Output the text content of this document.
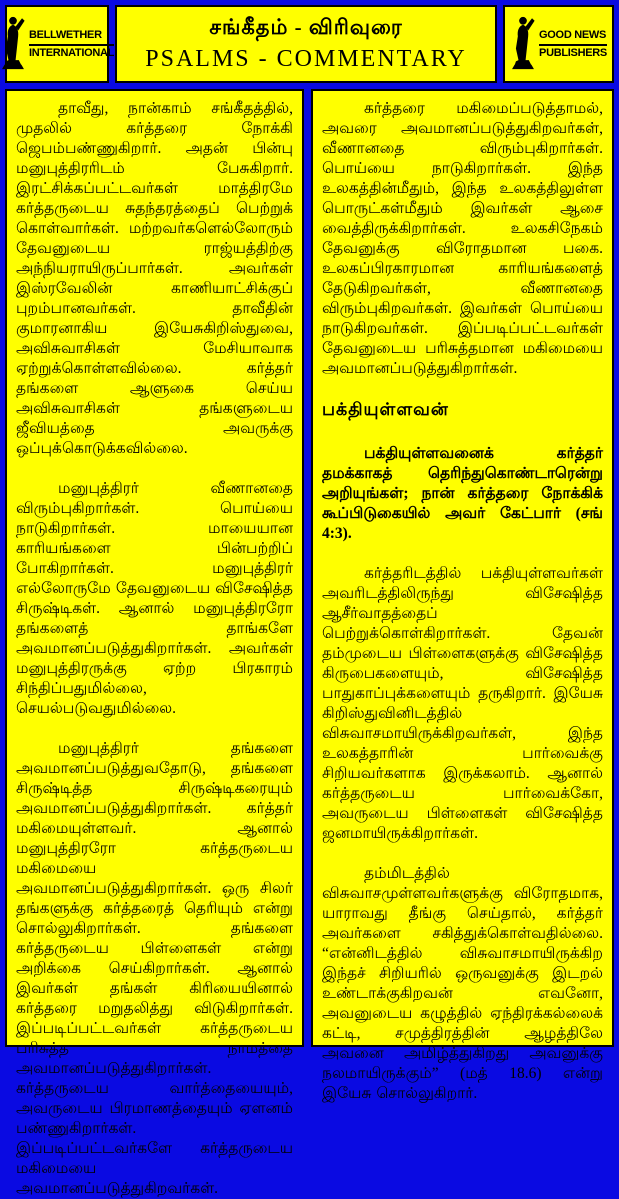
BELLWETHER
INTERNATIONAL
சங்கீதம் - விரிவுரை
PSALMS - COMMENTARY
GOOD NEWS
PUBLISHERS

தாவீது, நான்காம் சங்கீதத்தில், முதலில் கர்த்தரை நோக்கி ஜெபம்பண்ணுகிறார். அதன் பின்பு மனுபுத்திரரிடம் பேசுகிறார். இரட்சிக்கப்பட்டவர்கள் மாத்திரமே கர்த்தருடைய சுதந்தரத்தைப் பெற்றுக் கொள்வார்கள். மற்றவர்களெல்லோரும் தேவனுடைய ராஜ்யத்திற்கு அந்நியராயிருப்பார்கள். அவர்கள் இஸ்ரவேலின் காணியாட்சிக்குப் புறம்பானவர்கள். தாவீதின் குமாரனாகிய இயேசுகிறிஸ்துவை, அவிசுவாசிகள் மேசியாவாக ஏற்றுக்கொள்ளவில்லை. கர்த்தர் தங்களை ஆளுகை செய்ய அவிசுவாசிகள் தங்களுடைய ஜீவியத்தை அவருக்கு ஒப்புக்கொடுக்கவில்லை.

மனுபுத்திரர் வீணானதை விரும்புகிறார்கள். பொய்யை நாடுகிறார்கள். மாயையான காரியங்களை பின்பற்றிப் போகிறார்கள். மனுபுத்திரர் எல்லோருமே தேவனுடைய விசேஷித்த சிருஷ்டிகள். ஆனால் மனுபுத்திரரோ தங்களைத் தாங்களே அவமானப்படுத்துகிறார்கள். அவர்கள் மனுபுத்திரருக்கு ஏற்ற பிரகாரம் சிந்திப்பதுமில்லை, செயல்படுவதுமில்லை.

மனுபுத்திரர் தங்களை அவமானப்படுத்துவதோடு, தங்களை சிருஷ்டித்த சிருஷ்டிகரையும் அவமானப்படுத்துகிறார்கள். கர்த்தர் மகிமையுள்ளவர். ஆனால் மனுபுத்திரரோ கர்த்தருடைய மகிமையை அவமானப்படுத்துகிறார்கள். ஒரு சிலர் தங்களுக்கு கர்த்தரைத் தெரியும் என்று சொல்லுகிறார்கள். தங்களை கர்த்தருடைய பிள்ளைகள் என்று அறிக்கை செய்கிறார்கள். ஆனால் இவர்கள் தங்கள் கிரியையினால் கர்த்தரை மறுதலித்து விடுகிறார்கள். இப்படிப்பட்டவர்கள் கர்த்தருடைய பரிசுத்த நாமத்தை அவமானப்படுத்துகிறார்கள். கர்த்தருடைய வார்த்தையையும், அவருடைய பிரமாணத்தையும் ஏளனம் பண்ணுகிறார்கள். இப்படிப்பட்டவர்களே கர்த்தருடைய மகிமையை அவமானப்படுத்துகிறவர்கள்.

கர்த்தரை மகிமைப்படுத்தாமல், அவரை அவமானப்படுத்துகிறவர்கள், வீணானதை விரும்புகிறார்கள். பொய்யை நாடுகிறார்கள். இந்த உலகத்தின்மீதும், இந்த உலகத்திலுள்ள பொருட்கள்மீதும் இவர்கள் ஆசை வைத்திருக்கிறார்கள். உலகசிநேகம் தேவனுக்கு விரோதமான பகை. உலகப்பிரகாரமான காரியங்களைத் தேடுகிறவர்கள், வீணானதை விரும்புகிறவர்கள். இவர்கள் பொய்யை நாடுகிறவர்கள். இப்படிப்பட்டவர்கள் தேவனுடைய பரிசுத்தமான மகிமையை அவமானப்படுத்துகிறார்கள்.

பக்தியுள்ளவன்

பக்தியுள்ளவனைக் கர்த்தர் தமக்காகத் தெரிந்துகொண்டாரென்று அறியுங்கள்; நான் கர்த்தரை நோக்கிக் கூப்பிடுகையில் அவர் கேட்பார் (சங் 4:3).

கர்த்தரிடத்தில் பக்தியுள்ளவர்கள் அவரிடத்திலிருந்து விசேஷித்த ஆசீர்வாதத்தைப் பெற்றுக்கொள்கிறார்கள். தேவன் தம்முடைய பிள்ளைகளுக்கு விசேஷித்த கிருபைகளையும், விசேஷித்த பாதுகாப்புக்களையும் தருகிறார். இயேசு கிறிஸ்துவினிடத்தில் விசுவாசமாயிருக்கிறவர்கள், இந்த உலகத்தாரின் பார்வைக்கு சிறியவர்களாக இருக்கலாம். ஆனால் கர்த்தருடைய பார்வைக்கோ, அவருடைய பிள்ளைகள் விசேஷித்த ஜனமாயிருக்கிறார்கள்.

தம்மிடத்தில் விசுவாசமுள்ளவர்களுக்கு விரோதமாக, யாராவது தீங்கு செய்தால், கர்த்தர் அவர்களை சகித்துக்கொள்வதில்லை. “என்னிடத்தில் விசுவாசமாயிருக்கிற இந்தச் சிறியரில் ஒருவனுக்கு இடறல் உண்டாக்குகிறவன் எவனோ, அவனுடைய கழுத்தில் ஏந்திரக்கல்லைக் கட்டி, சமுத்திரத்தின் ஆழத்திலே அவனை அமிழ்த்துகிறது அவனுக்கு நலமாயிருக்கும்” (மத் 18.6) என்று இயேசு சொல்லுகிறார்.
